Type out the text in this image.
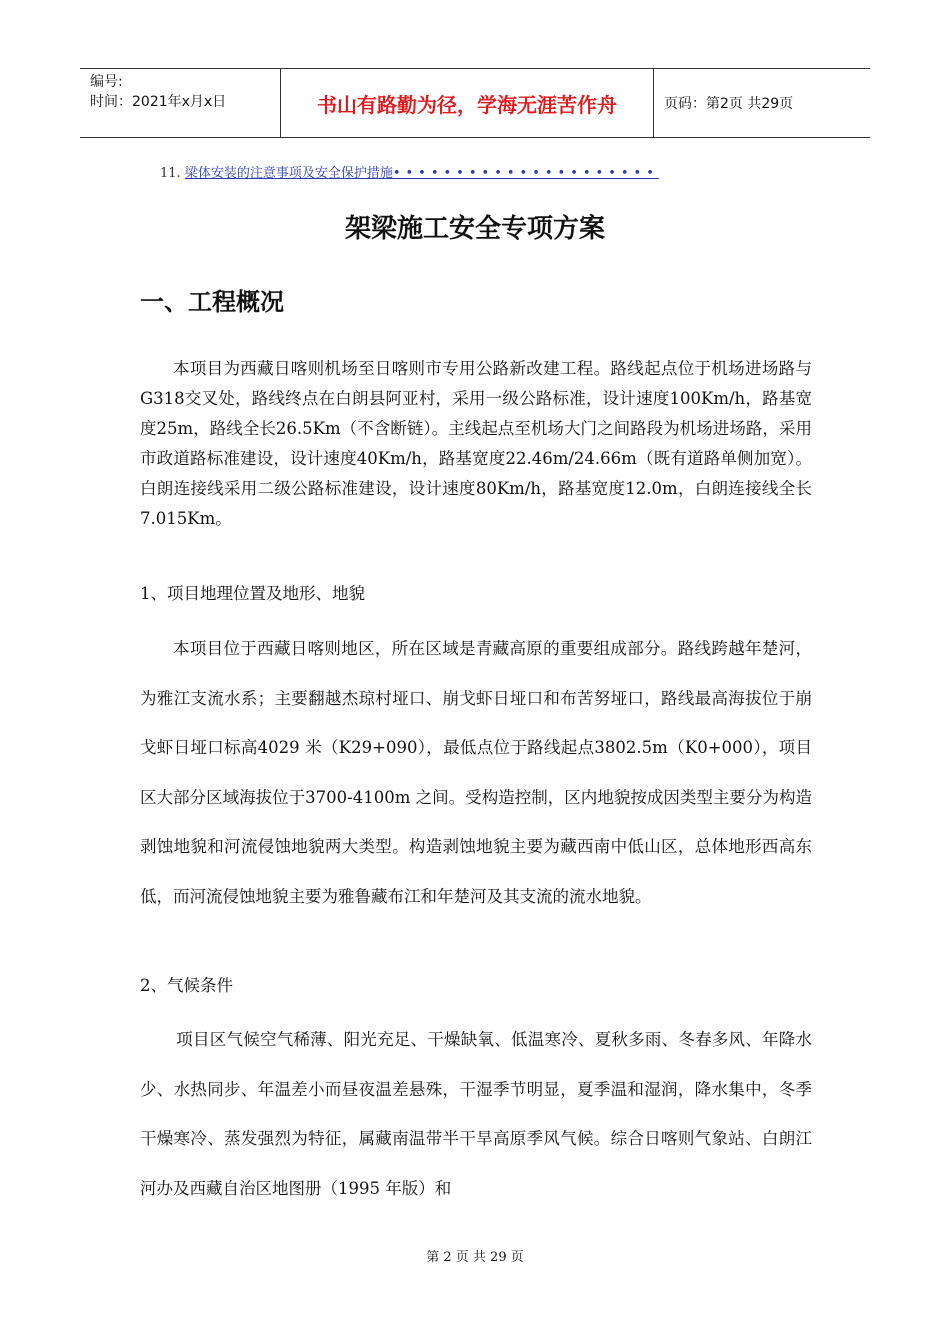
编号:
时间：2021年x月x日	书山有路勤为径，学海无涯苦作舟	页码：第2页 共29页
11. 梁体安装的注意事项及安全保护措施•••••••••••••••••••••
架梁施工安全专项方案
一、工程概况
本项目为西藏日喀则机场至日喀则市专用公路新改建工程。路线起点位于机场进场路与G318交叉处，路线终点在白朗县阿亚村，采用一级公路标准，设计速度100Km/h，路基宽度25m，路线全长26.5Km（不含断链）。主线起点至机场大门之间路段为机场进场路，采用市政道路标准建设，设计速度40Km/h，路基宽度22.46m/24.66m（既有道路单侧加宽）。白朗连接线采用二级公路标准建设，设计速度80Km/h，路基宽度12.0m，白朗连接线全长7.015Km。
1、项目地理位置及地形、地貌
本项目位于西藏日喀则地区，所在区域是青藏高原的重要组成部分。路线跨越年楚河，为雅江支流水系；主要翻越杰琼村垭口、崩戈虾日垭口和布苦努垭口，路线最高海拔位于崩戈虾日垭口标高4029 米（K29+090），最低点位于路线起点3802.5m（K0+000），项目区大部分区域海拔位于3700-4100m 之间。受构造控制，区内地貌按成因类型主要分为构造剥蚀地貌和河流侵蚀地貌两大类型。构造剥蚀地貌主要为藏西南中低山区，总体地形西高东低，而河流侵蚀地貌主要为雅鲁藏布江和年楚河及其支流的流水地貌。
2、气候条件
项目区气候空气稀薄、阳光充足、干燥缺氧、低温寒冷、夏秋多雨、冬春多风、年降水少、水热同步、年温差小而昼夜温差悬殊，干湿季节明显，夏季温和湿润，降水集中，冬季干燥寒冷、蒸发强烈为特征，属藏南温带半干旱高原季风气候。综合日喀则气象站、白朗江河办及西藏自治区地图册（1995 年版）和
第 2 页 共 29 页
